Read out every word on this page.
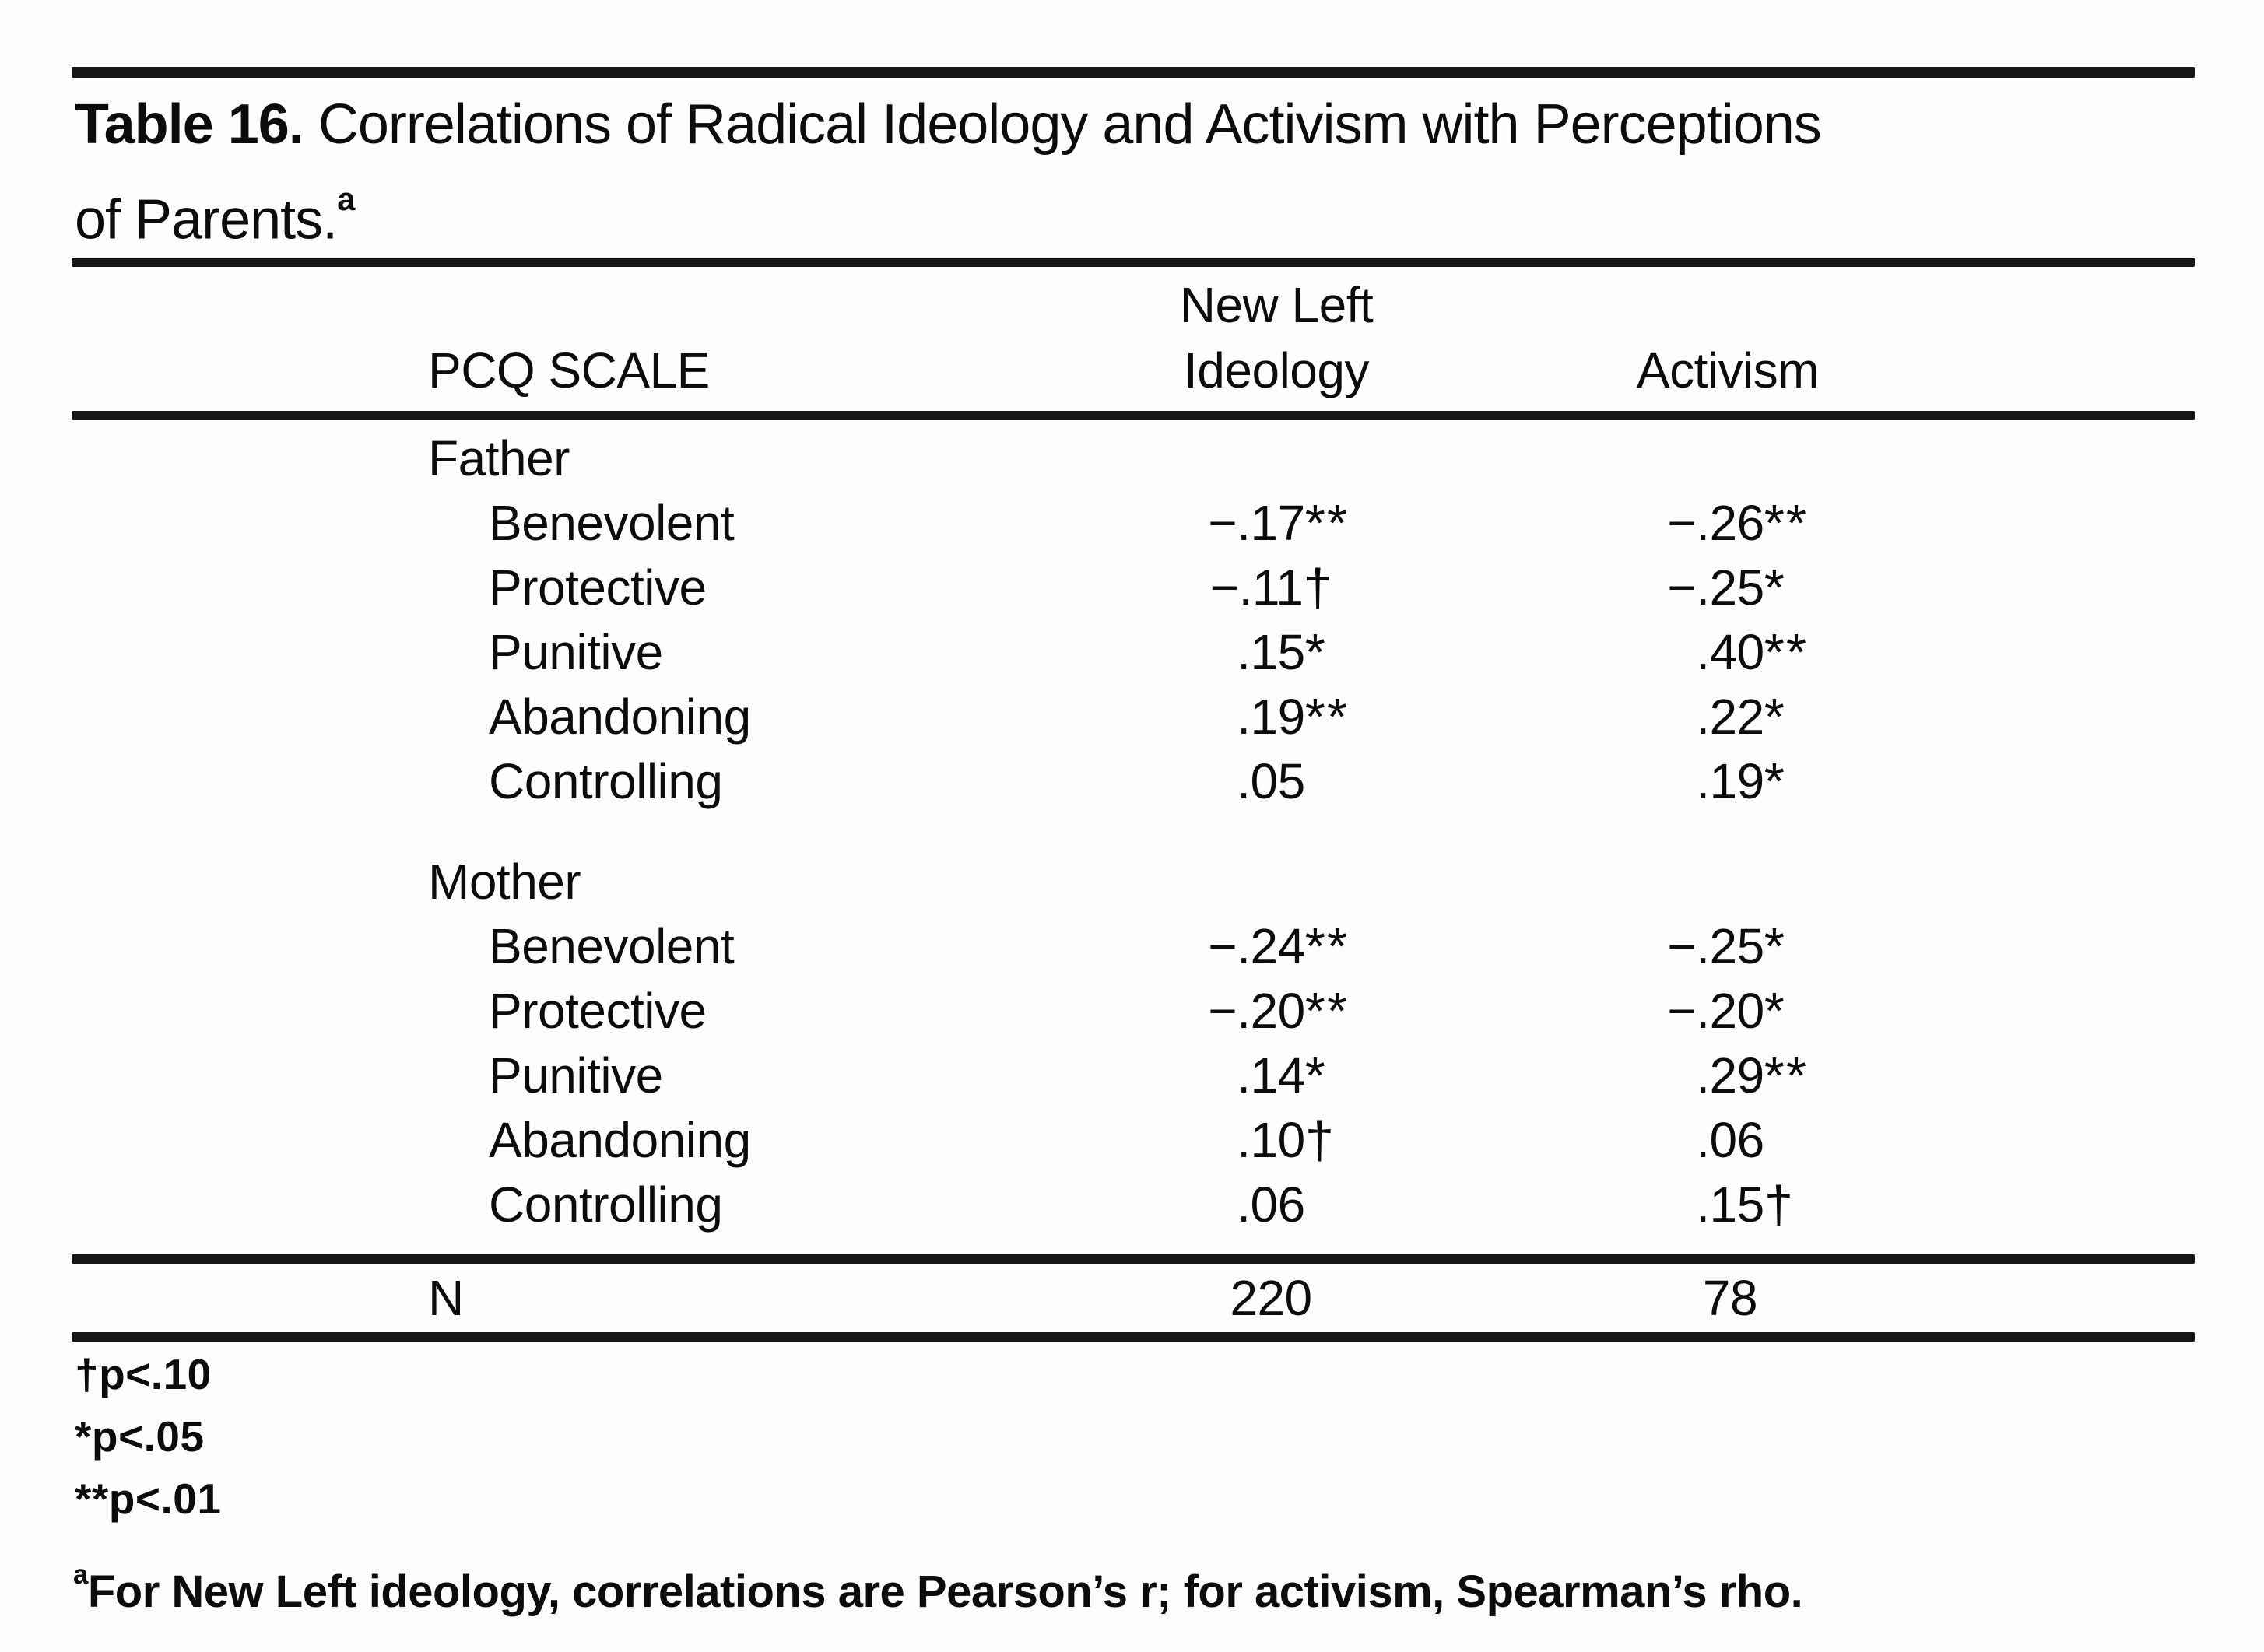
Table 16. Correlations of Radical Ideology and Activism with Perceptions
of Parents.$^a$
PCQ SCALE
New Left
Ideology	Activism
Father
Benevolent	− .17 **	− .26 **
Protective	− .11 †	− .25 *
Punitive	.15 *	.40 **
Abandoning	.19 **	.22 *
Controlling	.05	.19 *
Mother
Benevolent	− .24 **	− .25 *
Protective	− .20 **	− .20 *
Punitive	.14 *	.29 **
Abandoning	.10 †	.06
Controlling	.06	.15 †
N	220	78
†p<.10
*p<.05
**p<.01
$^a$For New Left ideology, correlations are Pearson’s r; for activism, Spearman’s rho.
